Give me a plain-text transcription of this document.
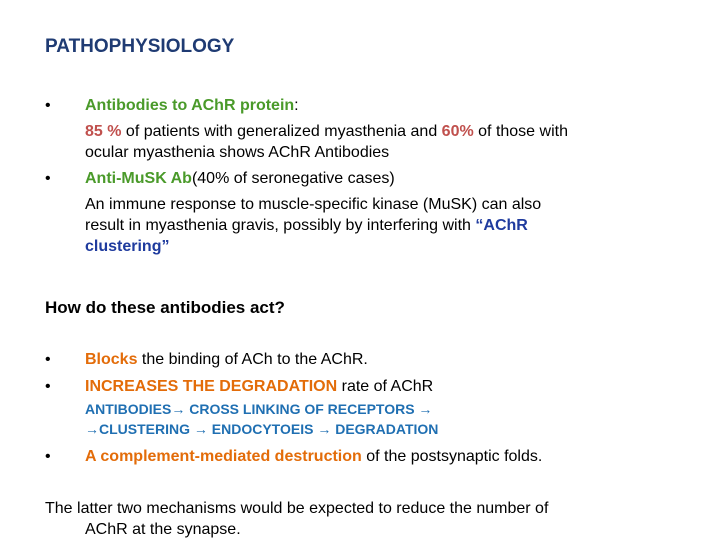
PATHOPHYSIOLOGY
•	Antibodies to AChR protein:
85 % of patients with generalized myasthenia and 60% of those with
ocular myasthenia shows AChR Antibodies
•	Anti-MuSK Ab(40% of seronegative cases)
An immune response to muscle-specific kinase (MuSK) can also
result in myasthenia gravis, possibly by interfering with “AChR
clustering”
How do these antibodies act?
•	Blocks the binding of ACh to the AChR.
•	INCREASES THE DEGRADATION rate of AChR
ANTIBODIES→ CROSS LINKING OF RECEPTORS →
→CLUSTERING → ENDOCYTOEIS → DEGRADATION
•	A complement-mediated destruction of the postsynaptic folds.
The latter two mechanisms would be expected to reduce the number of
AChR at the synapse.
